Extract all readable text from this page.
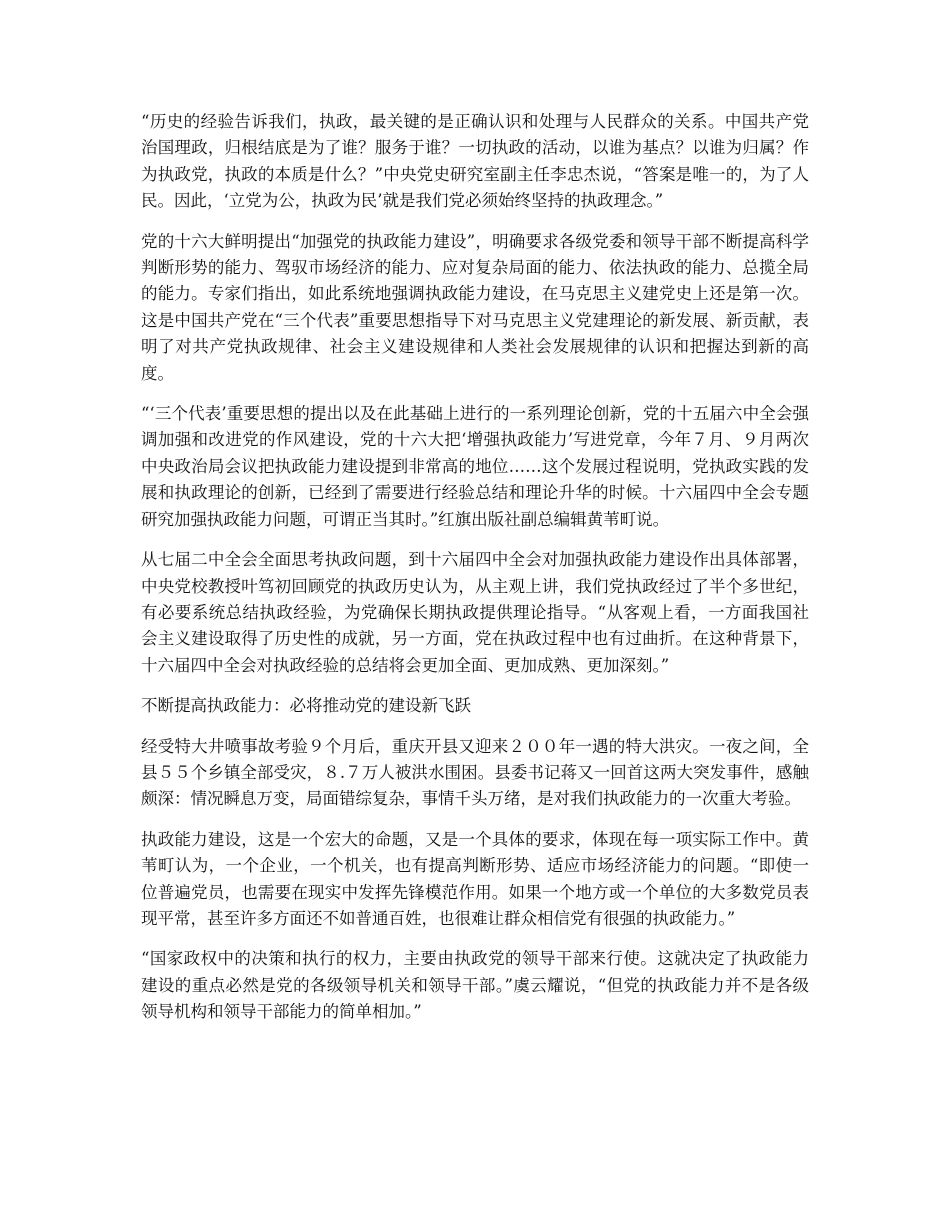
“历史的经验告诉我们，执政，最关键的是正确认识和处理与人民群众的关系。中国共产党治国理政，归根结底是为了谁？服务于谁？一切执政的活动，以谁为基点？以谁为归属？作为执政党，执政的本质是什么？”中央党史研究室副主任李忠杰说，“答案是唯一的，为了人民。因此，‘立党为公，执政为民’就是我们党必须始终坚持的执政理念。”

党的十六大鲜明提出“加强党的执政能力建设”，明确要求各级党委和领导干部不断提高科学判断形势的能力、驾驭市场经济的能力、应对复杂局面的能力、依法执政的能力、总揽全局的能力。专家们指出，如此系统地强调执政能力建设，在马克思主义建党史上还是第一次。这是中国共产党在“三个代表”重要思想指导下对马克思主义党建理论的新发展、新贡献，表明了对共产党执政规律、社会主义建设规律和人类社会发展规律的认识和把握达到新的高度。

“‘三个代表’重要思想的提出以及在此基础上进行的一系列理论创新，党的十五届六中全会强调加强和改进党的作风建设，党的十六大把‘增强执政能力’写进党章，今年７月、９月两次中央政治局会议把执政能力建设提到非常高的地位……这个发展过程说明，党执政实践的发展和执政理论的创新，已经到了需要进行经验总结和理论升华的时候。十六届四中全会专题研究加强执政能力问题，可谓正当其时。”红旗出版社副总编辑黄苇町说。

从七届二中全会全面思考执政问题，到十六届四中全会对加强执政能力建设作出具体部署，中央党校教授叶笃初回顾党的执政历史认为，从主观上讲，我们党执政经过了半个多世纪，有必要系统总结执政经验，为党确保长期执政提供理论指导。“从客观上看，一方面我国社会主义建设取得了历史性的成就，另一方面，党在执政过程中也有过曲折。在这种背景下，十六届四中全会对执政经验的总结将会更加全面、更加成熟、更加深刻。”

不断提高执政能力：必将推动党的建设新飞跃

经受特大井喷事故考验９个月后，重庆开县又迎来２００年一遇的特大洪灾。一夜之间，全县５５个乡镇全部受灾，８.７万人被洪水围困。县委书记蒋又一回首这两大突发事件，感触颇深：情况瞬息万变，局面错综复杂，事情千头万绪，是对我们执政能力的一次重大考验。

执政能力建设，这是一个宏大的命题，又是一个具体的要求，体现在每一项实际工作中。黄苇町认为，一个企业，一个机关，也有提高判断形势、适应市场经济能力的问题。“即使一位普遍党员，也需要在现实中发挥先锋模范作用。如果一个地方或一个单位的大多数党员表现平常，甚至许多方面还不如普通百姓，也很难让群众相信党有很强的执政能力。”

“国家政权中的决策和执行的权力，主要由执政党的领导干部来行使。这就决定了执政能力建设的重点必然是党的各级领导机关和领导干部。”虞云耀说，“但党的执政能力并不是各级领导机构和领导干部能力的简单相加。”
